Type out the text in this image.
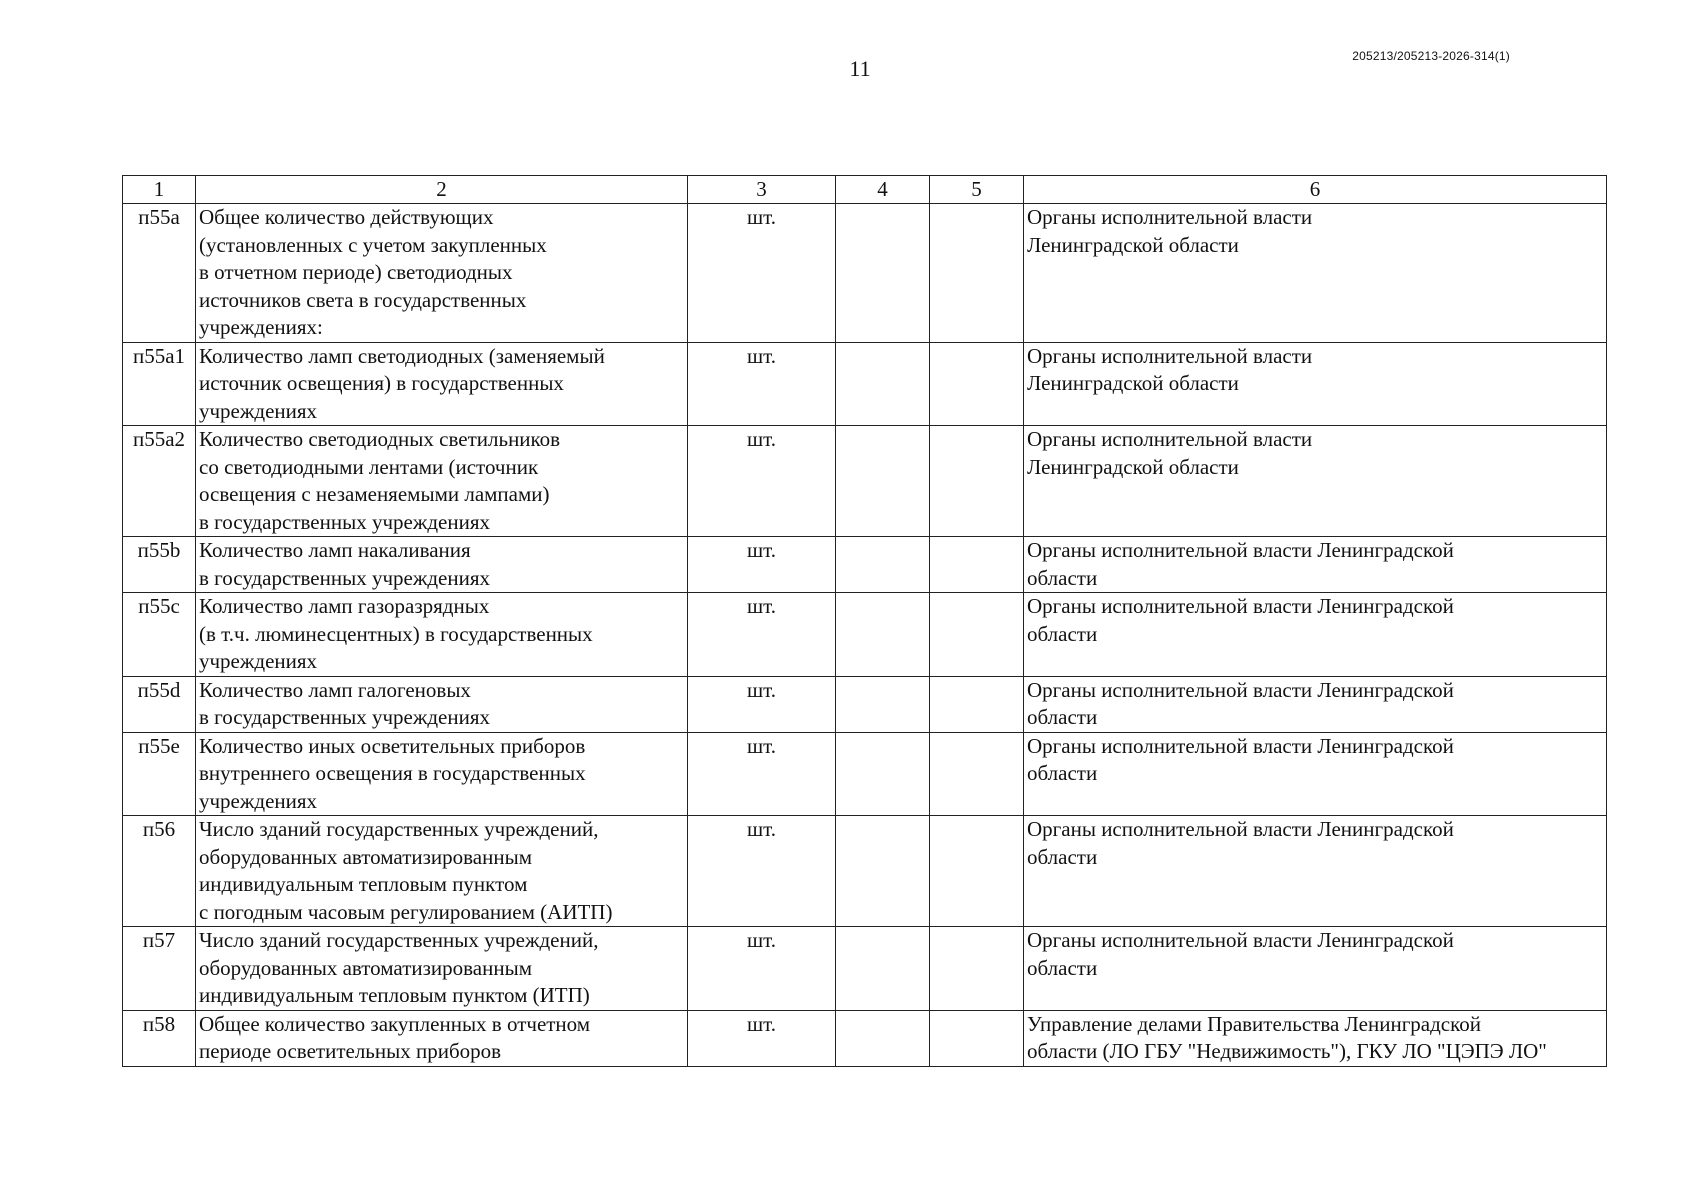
11	205213/205213-2026-314(1)
1	2	3	4	5	6
п55а	Общее количество действующих
(установленных с учетом закупленных
в отчетном периоде) светодиодных
источников света в государственных
учреждениях:	шт.			Органы исполнительной власти
Ленинградской области
п55а1	Количество ламп светодиодных (заменяемый
источник освещения) в государственных
учреждениях	шт.			Органы исполнительной власти
Ленинградской области
п55а2	Количество светодиодных светильников
со светодиодными лентами (источник
освещения с незаменяемыми лампами)
в государственных учреждениях	шт.			Органы исполнительной власти
Ленинградской области
п55b	Количество ламп накаливания
в государственных учреждениях	шт.			Органы исполнительной власти Ленинградской
области
п55с	Количество ламп газоразрядных
(в т.ч. люминесцентных) в государственных
учреждениях	шт.			Органы исполнительной власти Ленинградской
области
п55d	Количество ламп галогеновых
в государственных учреждениях	шт.			Органы исполнительной власти Ленинградской
области
п55е	Количество иных осветительных приборов
внутреннего освещения в государственных
учреждениях	шт.			Органы исполнительной власти Ленинградской
области
п56	Число зданий государственных учреждений,
оборудованных автоматизированным
индивидуальным тепловым пунктом
с погодным часовым регулированием (АИТП)	шт.			Органы исполнительной власти Ленинградской
области
п57	Число зданий государственных учреждений,
оборудованных автоматизированным
индивидуальным тепловым пунктом (ИТП)	шт.			Органы исполнительной власти Ленинградской
области
п58	Общее количество закупленных в отчетном
периоде осветительных приборов	шт.			Управление делами Правительства Ленинградской
области (ЛО ГБУ "Недвижимость"), ГКУ ЛО "ЦЭПЭ ЛО"
